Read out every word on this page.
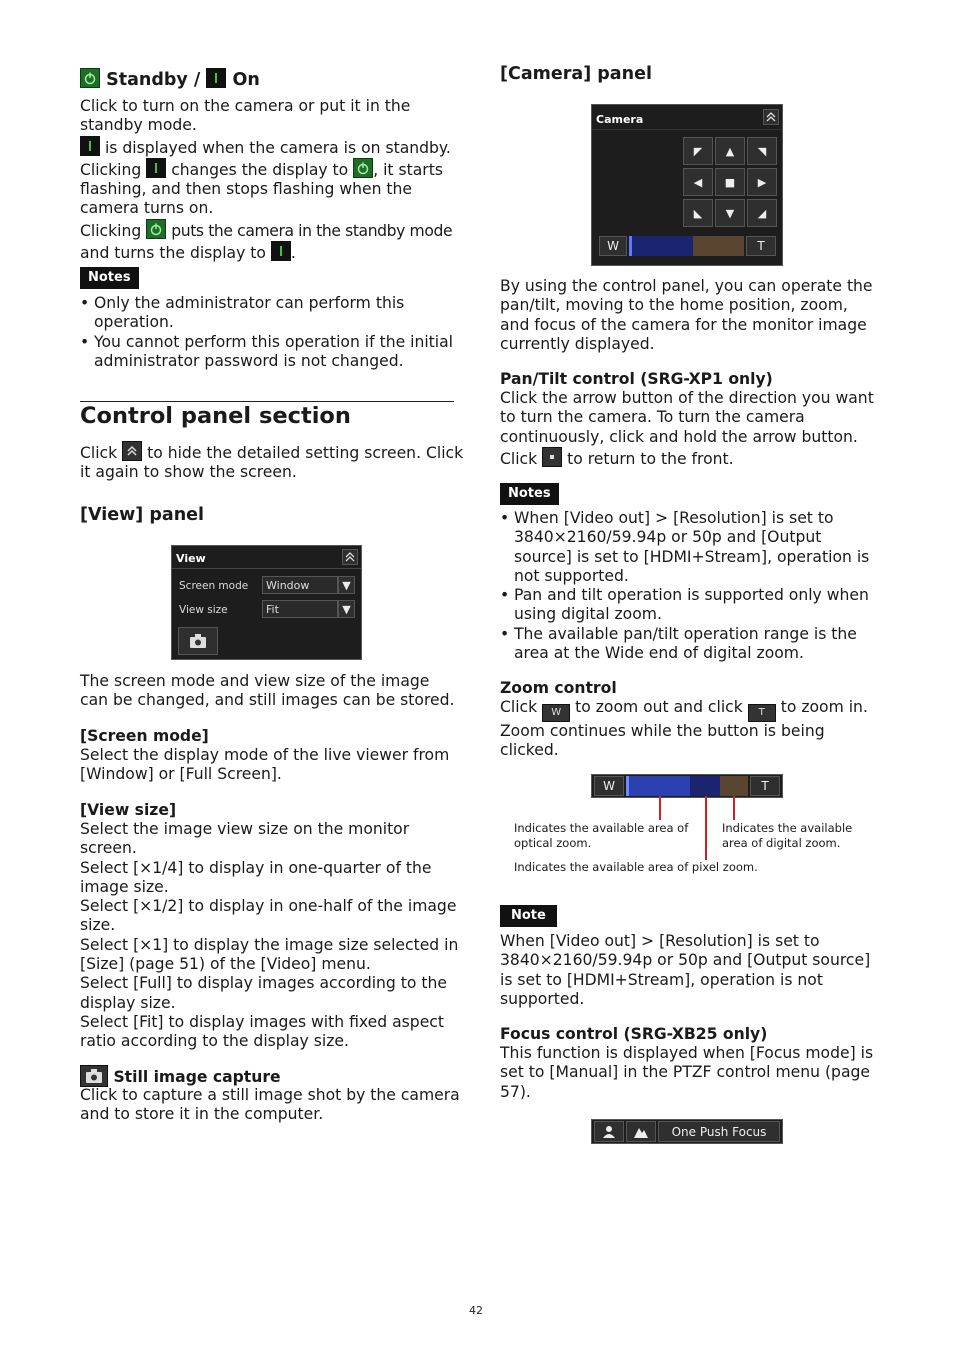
Standby / On
Click to turn on the camera or put it in the standby mode.
is displayed when the camera is on standby.
Clicking changes the display to , it starts
flashing, and then stops flashing when the
camera turns on.
Clicking puts the camera in the standby mode
and turns the display to .
Notes
• Only the administrator can perform this operation.
• You cannot perform this operation if the initial administrator password is not changed.
Control panel section
Click to hide the detailed setting screen. Click
it again to show the screen.
[View] panel
View
Screen mode	Window	▼
View size	Fit	▼
The screen mode and view size of the image can be changed, and still images can be stored.
[Screen mode]
Select the display mode of the live viewer from [Window] or [Full Screen].
[View size]
Select the image view size on the monitor screen.
Select [×1/4] to display in one-quarter of the image size.
Select [×1/2] to display in one-half of the image size.
Select [×1] to display the image size selected in [Size] (page 51) of the [Video] menu.
Select [Full] to display images according to the display size.
Select [Fit] to display images with fixed aspect ratio according to the display size.
Still image capture
Click to capture a still image shot by the camera and to store it in the computer.
[Camera] panel
Camera
◤ ▲ ◥
◀ ■ ▶
◣ ▼ ◢
W	T
By using the control panel, you can operate the pan/tilt, moving to the home position, zoom, and focus of the camera for the monitor image currently displayed.
Pan/Tilt control (SRG-XP1 only)
Click the arrow button of the direction you want to turn the camera. To turn the camera continuously, click and hold the arrow button.
Click to return to the front.
Notes
• When [Video out] > [Resolution] is set to 3840×2160/59.94p or 50p and [Output source] is set to [HDMI+Stream], operation is not supported.
• Pan and tilt operation is supported only when using digital zoom.
• The available pan/tilt operation range is the area at the Wide end of digital zoom.
Zoom control
Click W to zoom out and click T to zoom in.
Zoom continues while the button is being clicked.
W	T
Indicates the available area of optical zoom.
Indicates the available area of digital zoom.
Indicates the available area of pixel zoom.
Note
When [Video out] > [Resolution] is set to 3840×2160/59.94p or 50p and [Output source] is set to [HDMI+Stream], operation is not supported.
Focus control (SRG-XB25 only)
This function is displayed when [Focus mode] is set to [Manual] in the PTZF control menu (page 57).
One Push Focus
42
